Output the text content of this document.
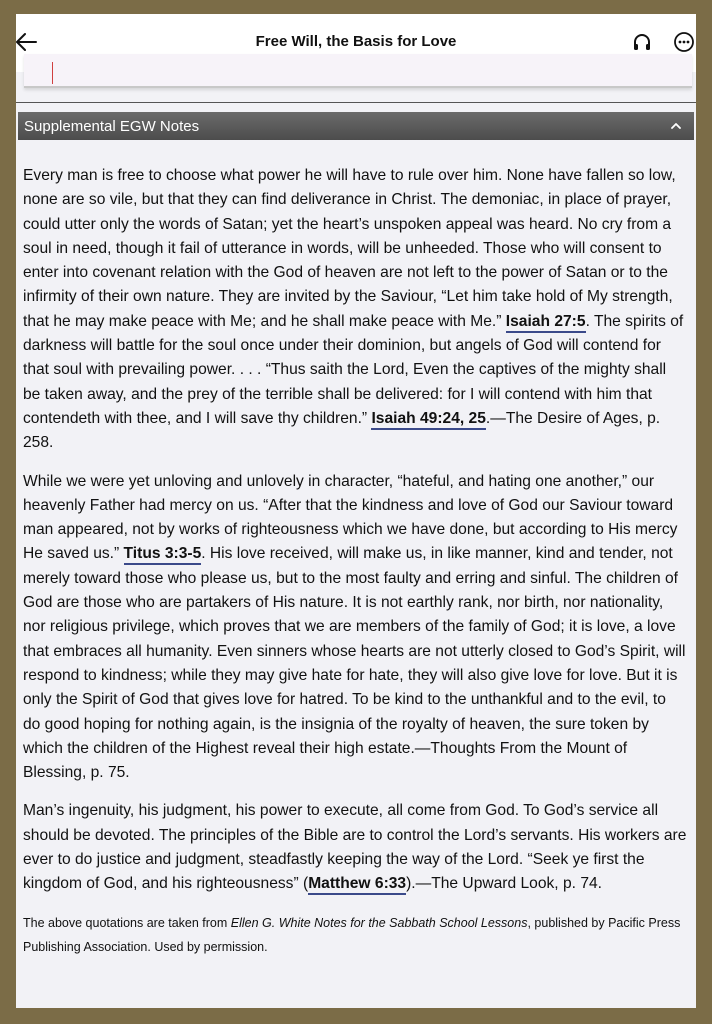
Free Will, the Basis for Love
Supplemental EGW Notes

Every man is free to choose what power he will have to rule over him. None have fallen so low, none are so vile, but that they can find deliverance in Christ. The demoniac, in place of prayer, could utter only the words of Satan; yet the heart’s unspoken appeal was heard. No cry from a soul in need, though it fail of utterance in words, will be unheeded. Those who will consent to enter into covenant relation with the God of heaven are not left to the power of Satan or to the infirmity of their own nature. They are invited by the Saviour, “Let him take hold of My strength, that he may make peace with Me; and he shall make peace with Me.” Isaiah 27:5. The spirits of darkness will battle for the soul once under their dominion, but angels of God will contend for that soul with prevailing power. . . . “Thus saith the Lord, Even the captives of the mighty shall be taken away, and the prey of the terrible shall be delivered: for I will contend with him that contendeth with thee, and I will save thy children.” Isaiah 49:24, 25.—The Desire of Ages, p. 258.

While we were yet unloving and unlovely in character, “hateful, and hating one another,” our heavenly Father had mercy on us. “After that the kindness and love of God our Saviour toward man appeared, not by works of righteousness which we have done, but according to His mercy He saved us.” Titus 3:3-5. His love received, will make us, in like manner, kind and tender, not merely toward those who please us, but to the most faulty and erring and sinful. The children of God are those who are partakers of His nature. It is not earthly rank, nor birth, nor nationality, nor religious privilege, which proves that we are members of the family of God; it is love, a love that embraces all humanity. Even sinners whose hearts are not utterly closed to God’s Spirit, will respond to kindness; while they may give hate for hate, they will also give love for love. But it is only the Spirit of God that gives love for hatred. To be kind to the unthankful and to the evil, to do good hoping for nothing again, is the insignia of the royalty of heaven, the sure token by which the children of the Highest reveal their high estate.—Thoughts From the Mount of Blessing, p. 75.

Man’s ingenuity, his judgment, his power to execute, all come from God. To God’s service all should be devoted. The principles of the Bible are to control the Lord’s servants. His workers are ever to do justice and judgment, steadfastly keeping the way of the Lord. “Seek ye first the kingdom of God, and his righteousness” (Matthew 6:33).—The Upward Look, p. 74.

The above quotations are taken from Ellen G. White Notes for the Sabbath School Lessons, published by Pacific Press Publishing Association. Used by permission.
